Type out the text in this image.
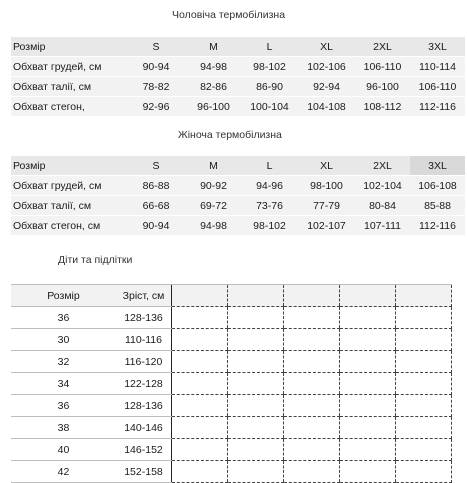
Чоловіча термобілизна
Розмір	S	M	L	XL	2XL	3XL
Обхват грудей, см	90-94	94-98	98-102	102-106	106-110	110-114
Обхват талії, см	78-82	82-86	86-90	92-94	96-100	106-110
Обхват стегон,	92-96	96-100	100-104	104-108	108-112	112-116
Жіноча термобілизна
Розмір	S	M	L	XL	2XL	3XL
Обхват грудей, см	86-88	90-92	94-96	98-100	102-104	106-108
Обхват талії, см	66-68	69-72	73-76	77-79	80-84	85-88
Обхват стегон, см	90-94	94-98	98-102	102-107	107-111	112-116
Діти та підлітки
Розмір	Зріст, см					
36	128-136					
30	110-116					
32	116-120					
34	122-128					
36	128-136					
38	140-146					
40	146-152					
42	152-158					
